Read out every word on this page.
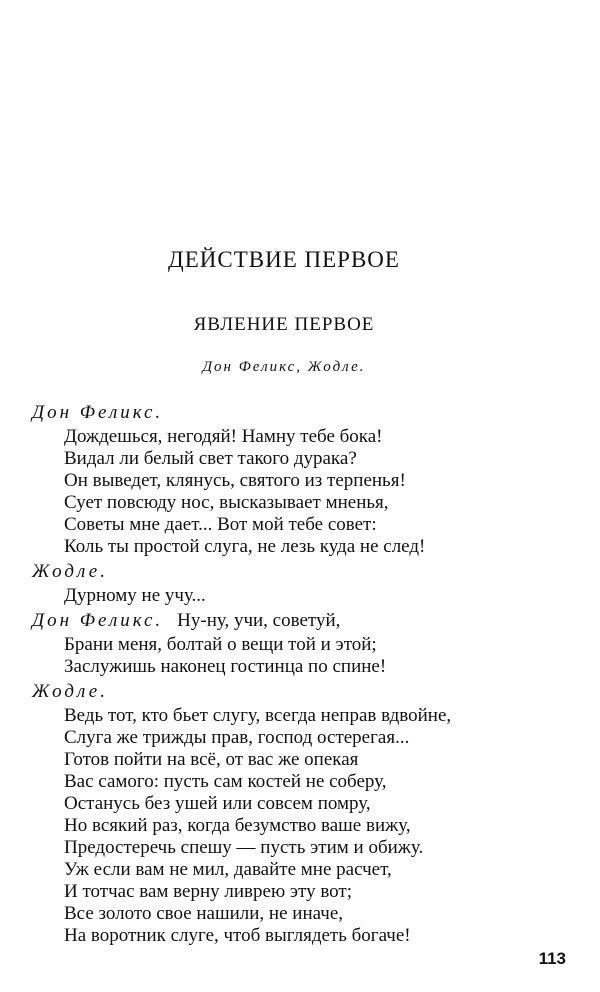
ДЕЙСТВИЕ ПЕРВОЕ
ЯВЛЕНИЕ ПЕРВОЕ

Дон Феликс, Жодле.

Дон Феликс.
Дождешься, негодяй! Намну тебе бока!
Видал ли белый свет такого дурака?
Он выведет, клянусь, святого из терпенья!
Сует повсюду нос, высказывает мненья,
Советы мне дает... Вот мой тебе совет:
Коль ты простой слуга, не лезь куда не след!
Жодле.
Дурному не учу...
Дон Феликс. Ну-ну, учи, советуй,
Брани меня, болтай о вещи той и этой;
Заслужишь наконец гостинца по спине!
Жодле.
Ведь тот, кто бьет слугу, всегда неправ вдвойне,
Слуга же трижды прав, господ остерегая...
Готов пойти на всё, от вас же опекая
Вас самого: пусть сам костей не соберу,
Останусь без ушей или совсем помру,
Но всякий раз, когда безумство ваше вижу,
Предостеречь спешу — пусть этим и обижу.
Уж если вам не мил, давайте мне расчет,
И тотчас вам верну ливрею эту вот;
Все золото свое нашили, не иначе,
На воротник слуге, чтоб выглядеть богаче!
113
